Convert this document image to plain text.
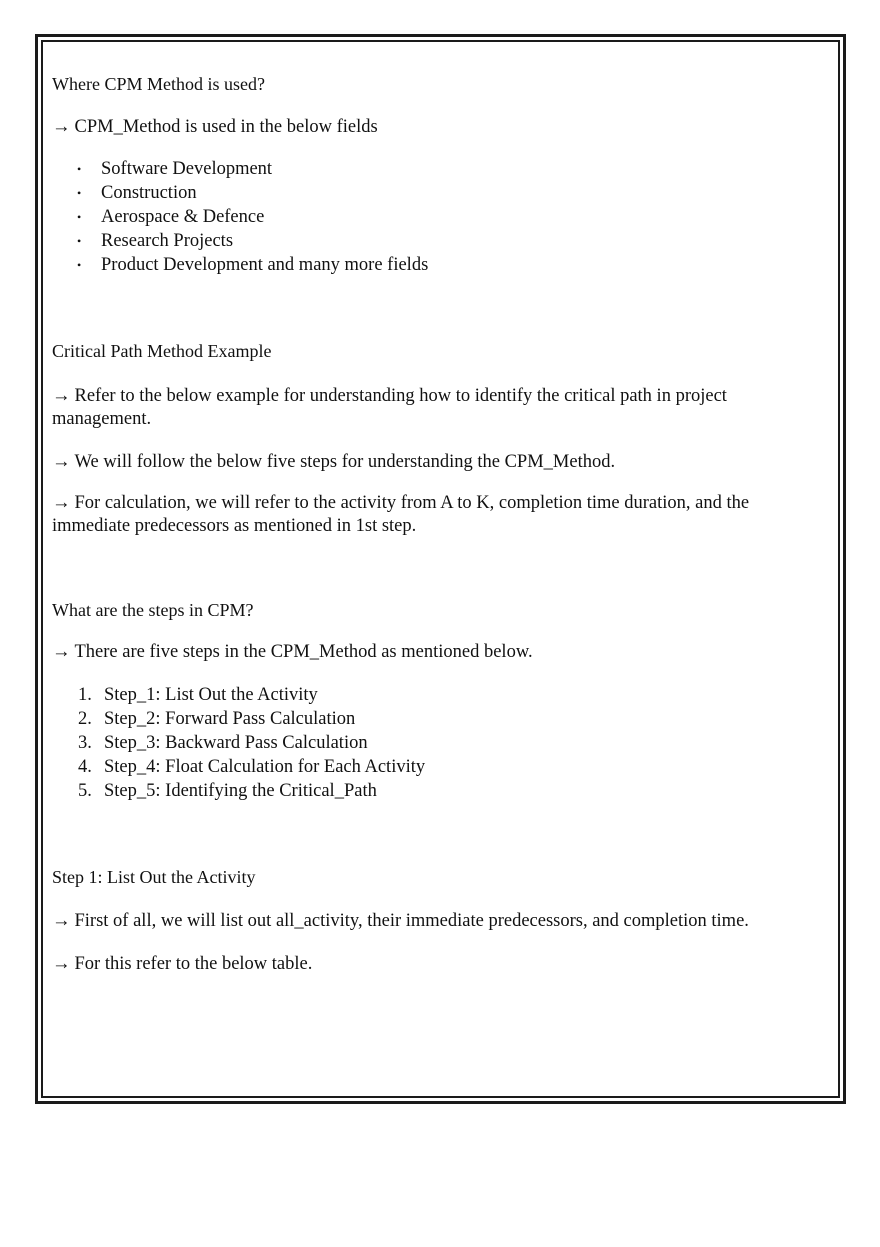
Where CPM Method is used?

→ CPM_Method is used in the below fields

• Software Development
• Construction
• Aerospace & Defence
• Research Projects
• Product Development and many more fields

Critical Path Method Example

→ Refer to the below example for understanding how to identify the critical path in project management.

→ We will follow the below five steps for understanding the CPM_Method.

→ For calculation, we will refer to the activity from A to K, completion time duration, and the immediate predecessors as mentioned in 1st step.

What are the steps in CPM?

→ There are five steps in the CPM_Method as mentioned below.

1. Step_1: List Out the Activity
2. Step_2: Forward Pass Calculation
3. Step_3: Backward Pass Calculation
4. Step_4: Float Calculation for Each Activity
5. Step_5: Identifying the Critical_Path

Step 1: List Out the Activity

→ First of all, we will list out all_activity, their immediate predecessors, and completion time.

→ For this refer to the below table.
